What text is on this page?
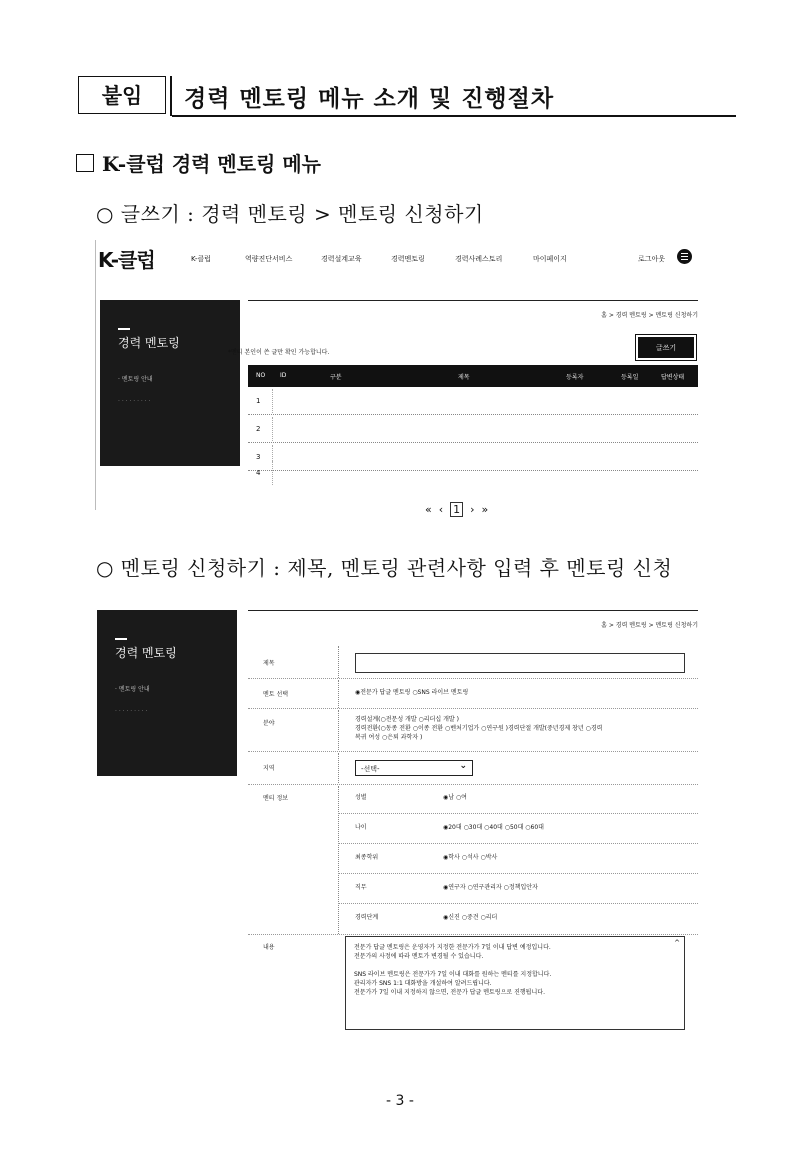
붙임	경력 멘토링 메뉴 소개 및 진행절차
K-클럽 경력 멘토링 메뉴
○ 글쓰기 : 경력 멘토링 > 멘토링 신청하기
K-클럽	K-클럽	역량진단서비스	경력설계교육	경력멘토링	경력사례스토리	마이페이지	로그아웃
경력 멘토링
· 멘토링 안내
· · · · · · · · ·
홈 > 경력 멘토링 > 멘토링 신청하기
*멘티 본인이 쓴 글만 확인 가능합니다.
글쓰기
NO ID	구분	제목	등록자	등록일	답변상태
1
2
3
4
« ‹ 1 › »
○ 멘토링 신청하기 : 제목, 멘토링 관련사항 입력 후 멘토링 신청
경력 멘토링
· 멘토링 안내
· · · · · · · · ·
홈 > 경력 멘토링 > 멘토링 신청하기
제목
멘토 선택	◉전문가 답글 멘토링 ○SNS 라이브 멘토링
분야
경력설계(○전문성 개발 ○리더십 개발 )
경력전환(○동종 전환 ○이종 전환 ○벤처기업가 ○연구원 )경력단절 개발(중년경제 창년 ○경력
복귀 여성 ○은퇴 과학자 )
지역	-선택-	⌄
멘티 정보	성별	◉남 ○여
나이	◉20대 ○30대 ○40대 ○50대 ○60대
최종학위	◉학사 ○석사 ○박사
직무	◉연구자 ○연구관리자 ○정책입안자
경력단계	◉신진 ○중견 ○리더
내용	전문가 답글 멘토링은 운영자가 지정한 전문가가 7일 이내 답변 예정입니다.

전문가의 사정에 따라 멘토가 변경될 수 있습니다.

SNS 라이브 멘토링은 전문가가 7일 이내 대화를 원하는 멘티를 지정합니다.

관리자가 SNS 1:1 대화방을 개설하여 알려드립니다.

전문가가 7일 이내 지정하지 않으면, 전문가 답글 멘토링으로 진행됩니다.

^
- 3 -
